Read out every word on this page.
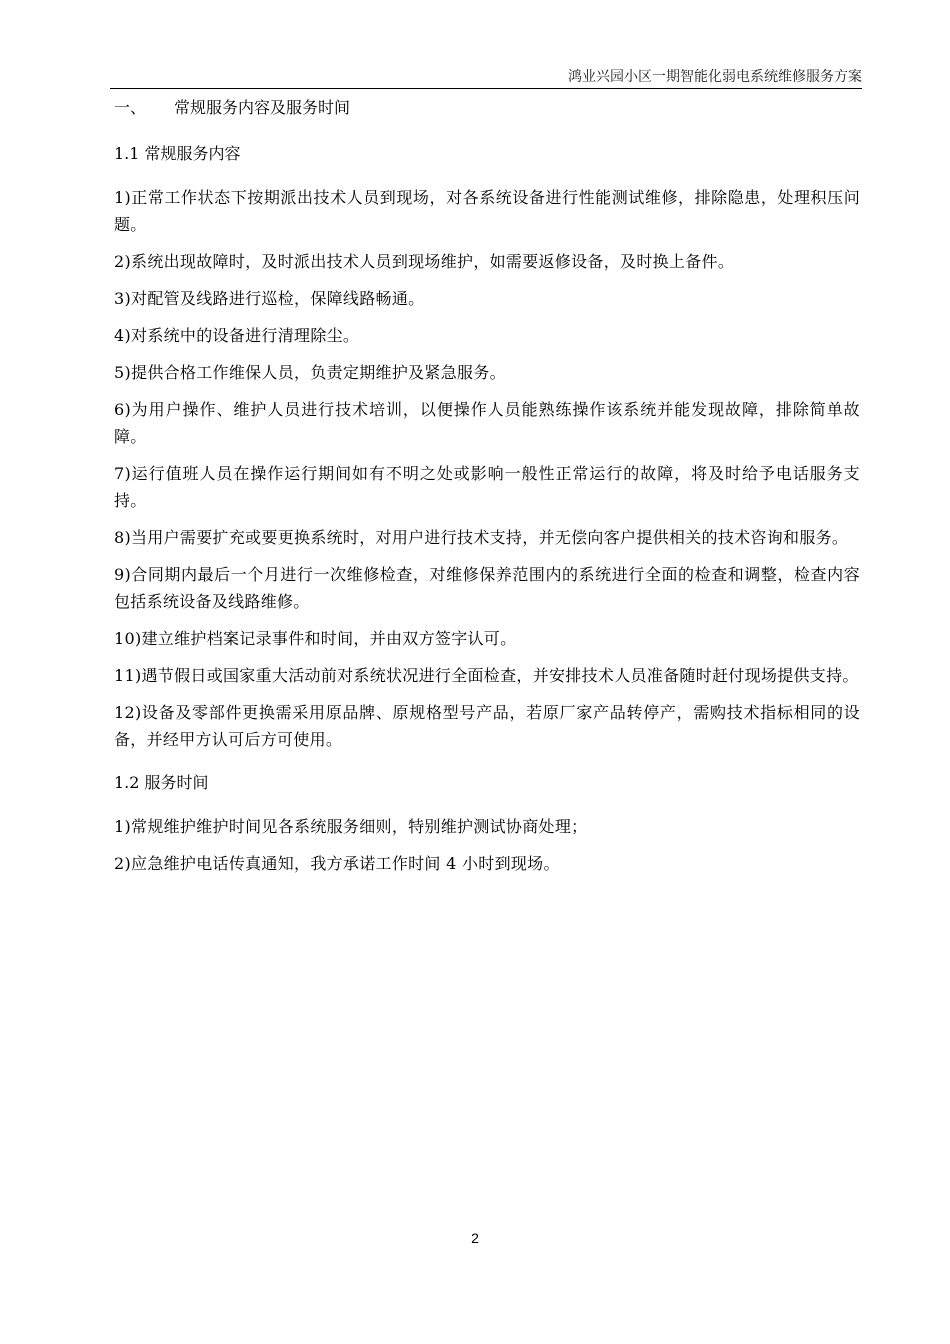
鸿业兴园小区一期智能化弱电系统维修服务方案
一、 常规服务内容及服务时间
1.1 常规服务内容

1)正常工作状态下按期派出技术人员到现场，对各系统设备进行性能测试维修，排除隐患，处理积压问题。

2)系统出现故障时，及时派出技术人员到现场维护，如需要返修设备，及时换上备件。

3)对配管及线路进行巡检，保障线路畅通。

4)对系统中的设备进行清理除尘。

5)提供合格工作维保人员，负责定期维护及紧急服务。

6)为用户操作、维护人员进行技术培训，以便操作人员能熟练操作该系统并能发现故障，排除简单故障。

7)运行值班人员在操作运行期间如有不明之处或影响一般性正常运行的故障，将及时给予电话服务支持。

8)当用户需要扩充或要更换系统时，对用户进行技术支持，并无偿向客户提供相关的技术咨询和服务。

9)合同期内最后一个月进行一次维修检查，对维修保养范围内的系统进行全面的检查和调整，检查内容包括系统设备及线路维修。

10)建立维护档案记录事件和时间，并由双方签字认可。

11)遇节假日或国家重大活动前对系统状况进行全面检查，并安排技术人员准备随时赶付现场提供支持。

12)设备及零部件更换需采用原品牌、原规格型号产品，若原厂家产品转停产，需购技术指标相同的设备，并经甲方认可后方可使用。

1.2 服务时间

1)常规维护维护时间见各系统服务细则，特别维护测试协商处理；

2)应急维护电话传真通知，我方承诺工作时间 4 小时到现场。

2
